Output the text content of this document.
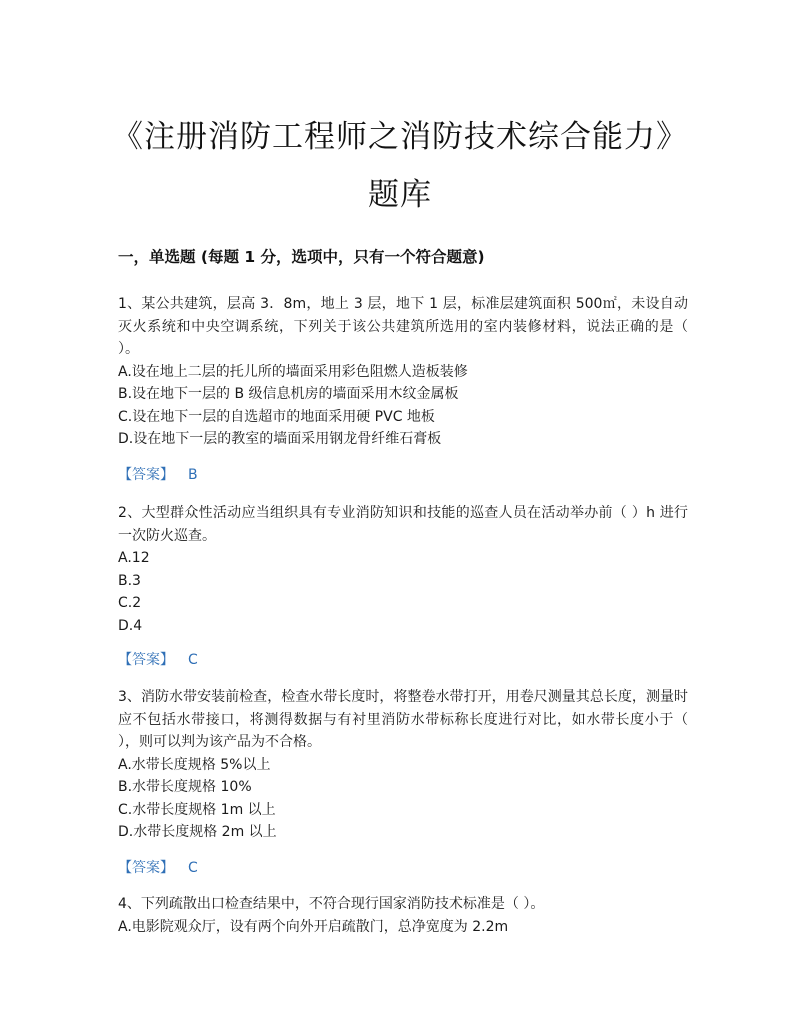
《注册消防工程师之消防技术综合能力》题库
一，单选题 (每题 1 分，选项中，只有一个符合题意)

1、某公共建筑，层高 3．8m，地上 3 层，地下 1 层，标准层建筑面积 500㎡，未设自动灭火系统和中央空调系统，下列关于该公共建筑所选用的室内装修材料，说法正确的是（ ）。

A.设在地上二层的托儿所的墙面采用彩色阻燃人造板装修

B.设在地下一层的 B 级信息机房的墙面采用木纹金属板

C.设在地下一层的自选超市的地面采用硬 PVC 地板

D.设在地下一层的教室的墙面采用钢龙骨纤维石膏板

【答案】 B

2、大型群众性活动应当组织具有专业消防知识和技能的巡查人员在活动举办前（ ）h 进行一次防火巡查。

A.12

B.3

C.2

D.4

【答案】 C

3、消防水带安装前检查，检查水带长度时，将整卷水带打开，用卷尺测量其总长度，测量时应不包括水带接口，将测得数据与有衬里消防水带标称长度进行对比，如水带长度小于（ ），则可以判为该产品为不合格。

A.水带长度规格 5%以上

B.水带长度规格 10%

C.水带长度规格 1m 以上

D.水带长度规格 2m 以上

【答案】 C

4、下列疏散出口检查结果中，不符合现行国家消防技术标准是（ ）。

A.电影院观众厅，设有两个向外开启疏散门，总净宽度为 2.2m
